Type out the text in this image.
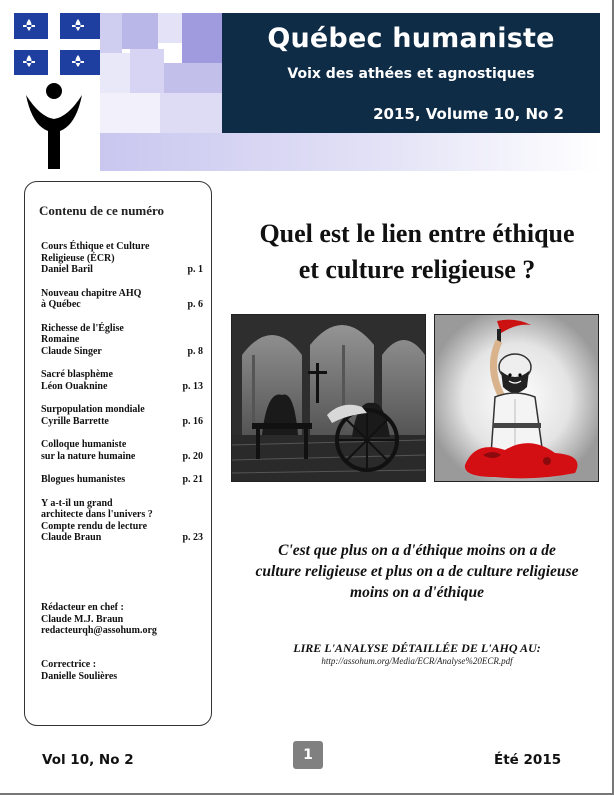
Québec humaniste
Voix des athées et agnostiques
2015, Volume 10, No 2
Contenu de ce numéro
Cours Éthique et Culture
Religieuse (ÉCR)
Daniel Baril	p. 1
Nouveau chapitre AHQ
à Québec	p. 6
Richesse de l'Église
Romaine
Claude Singer	p. 8
Sacré blasphème
Léon Ouaknine	p. 13
Surpopulation mondiale
Cyrille Barrette	p. 16
Colloque humaniste
sur la nature humaine	p. 20
Blogues humanistes	p. 21
Y a-t-il un grand
architecte dans l'univers ?
Compte rendu de lecture
Claude Braun	p. 23
Rédacteur en chef :
Claude M.J. Braun
redacteurqh@assohum.org
Correctrice :
Danielle Soulières
Quel est le lien entre éthique
et culture religieuse ?
C'est que plus on a d'éthique moins on a de
culture religieuse et plus on a de culture religieuse
moins on a d'éthique
LIRE L'ANALYSE DÉTAILLÉE DE L'AHQ AU:
http://assohum.org/Media/ECR/Analyse%20ECR.pdf
Vol 10, No 2	1	Été 2015
